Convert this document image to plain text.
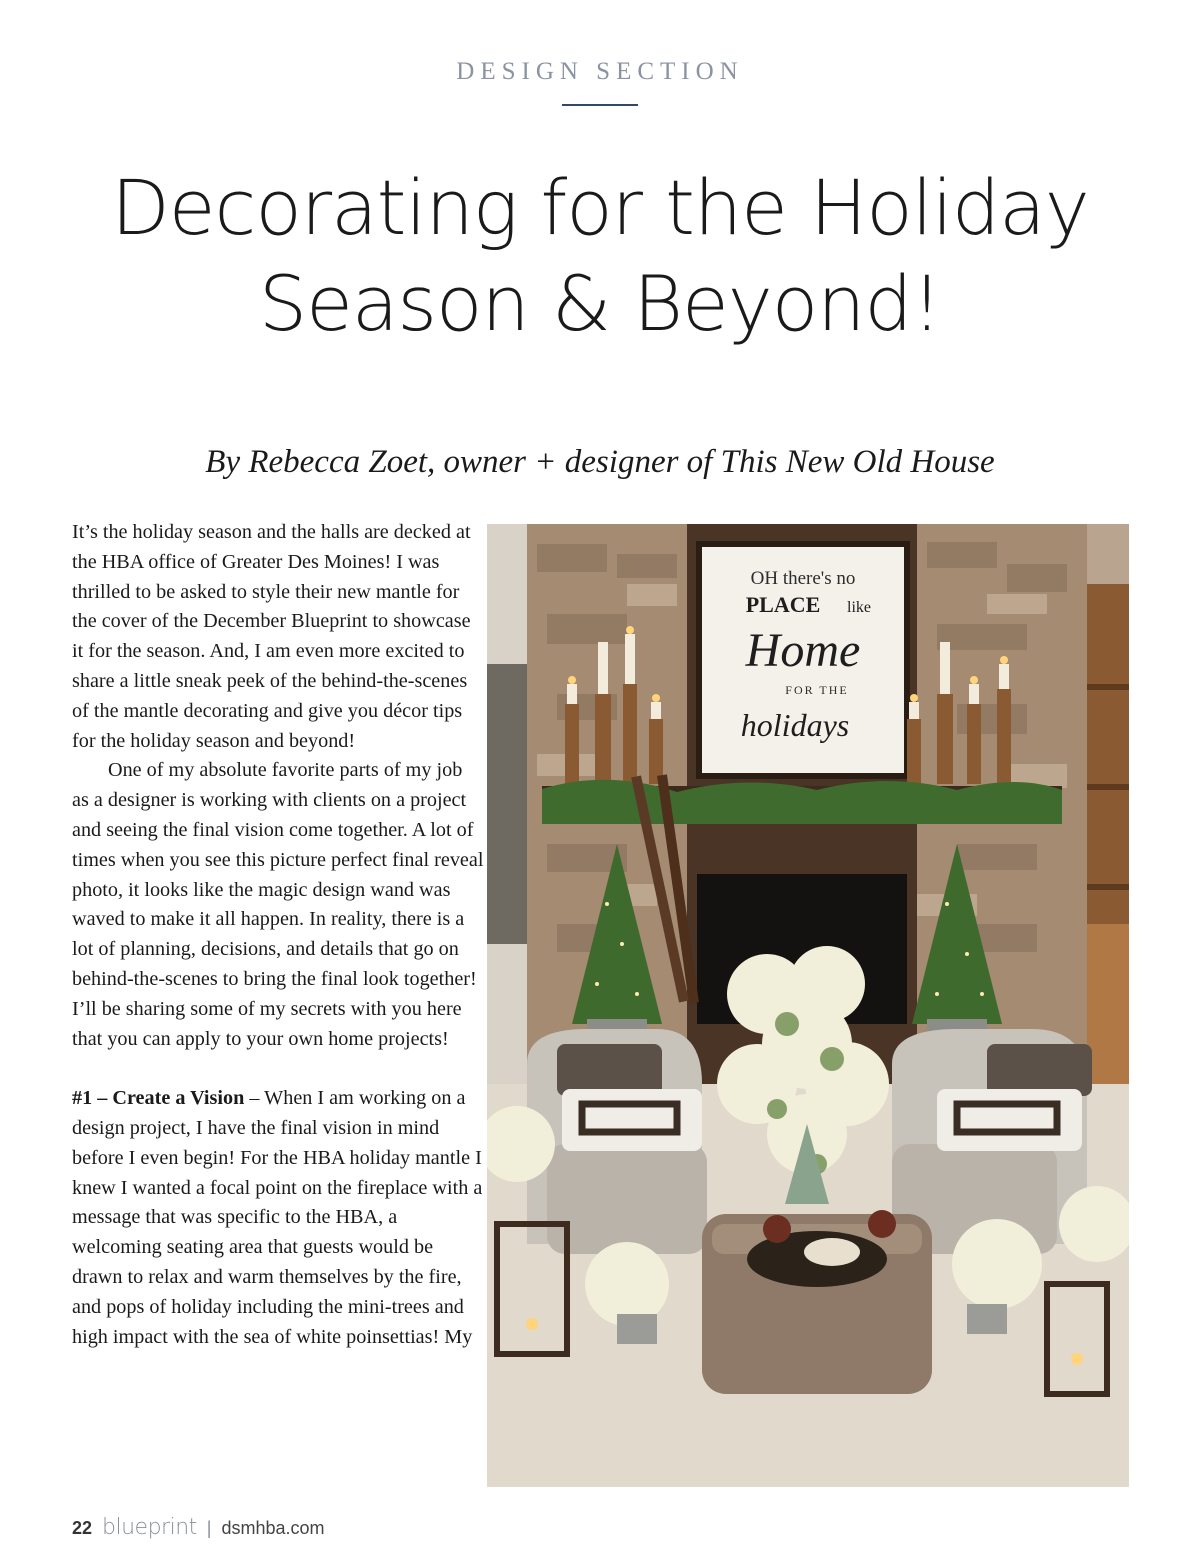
DESIGN SECTION
Decorating for the Holiday
Season & Beyond!
By Rebecca Zoet, owner + designer of This New Old House

It’s the holiday season and the halls are decked at the HBA office of Greater Des Moines! I was thrilled to be asked to style their new mantle for the cover of the December Blueprint to showcase it for the season. And, I am even more excited to share a little sneak peek of the behind-the-scenes of the mantle decorating and give you décor tips for the holiday season and beyond!

One of my absolute favorite parts of my job as a designer is working with clients on a project and seeing the final vision come together. A lot of times when you see this picture perfect final reveal photo, it looks like the magic design wand was waved to make it all happen. In reality, there is a lot of planning, decisions, and details that go on behind-the-scenes to bring the final look together! I’ll be sharing some of my secrets with you here that you can apply to your own home projects!

#1 – Create a Vision – When I am working on a design project, I have the final vision in mind before I even begin! For the HBA holiday mantle I knew I wanted a focal point on the fireplace with a message that was specific to the HBA, a welcoming seating area that guests would be drawn to relax and warm themselves by the fire, and pops of holiday including the mini-trees and high impact with the sea of white poinsettias! My

OH there's no
PLACE like
Home
FOR THE
holidays
22 blueprint | dsmhba.com
